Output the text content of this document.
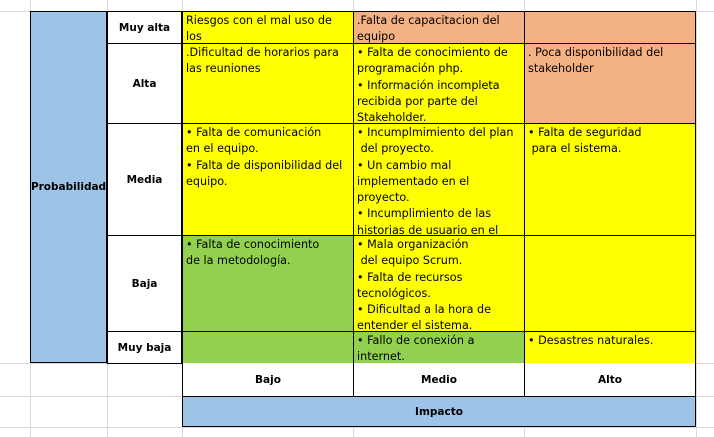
Probabilidad
Muy alta

Riesgos con el mal uso de los

.Falta de capacitacion del

equipo

Alta

.Dificultad de horarios para

las reuniones

• Falta de conocimiento de

programación php.

• Información incompleta

recibida por parte del

Stakeholder.

. Poca disponibilidad del

stakeholder

Media

• Falta de comunicación

en el equipo.

• Falta de disponibilidad del

equipo.

• Incumplmimiento del plan

del proyecto.

• Un cambio mal

implementado en el proyecto.

• Incumplimiento de las

historias de usuario en el

• Falta de seguridad

para el sistema.

Baja

• Falta de conocimiento

de la metodología.

• Mala organización

del equipo Scrum.

• Falta de recursos

tecnológicos.

• Dificultad a la hora de

entender el sistema.

Muy baja

• Fallo de conexión a internet.

• Desastres naturales.

Bajo	Medio	Alto
Impacto
